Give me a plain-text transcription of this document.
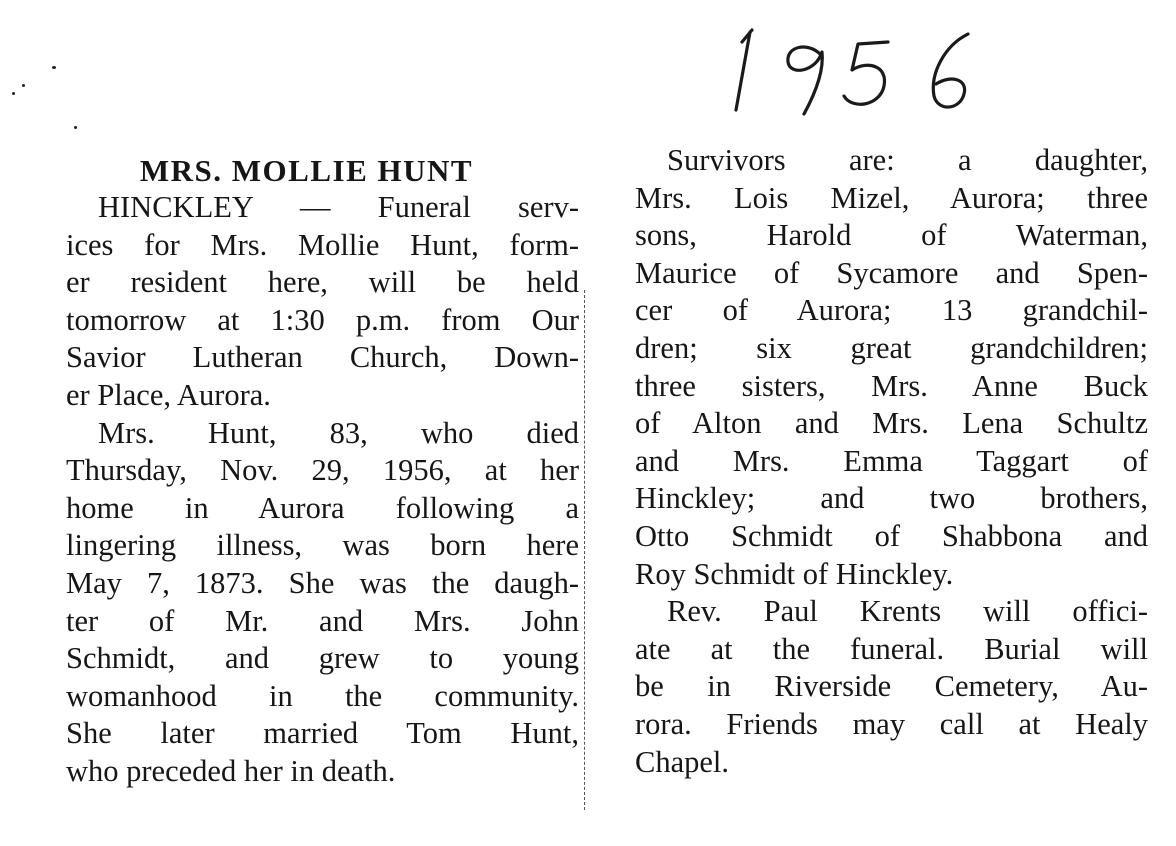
MRS. MOLLIE HUNT
HINCKLEY — Funeral serv-
ices for Mrs. Mollie Hunt, form-
er resident here, will be held
tomorrow at 1:30 p.m. from Our
Savior Lutheran Church, Down-
er Place, Aurora.
Mrs. Hunt, 83, who died
Thursday, Nov. 29, 1956, at her
home in Aurora following a
lingering illness, was born here
May 7, 1873. She was the daugh-
ter of Mr. and Mrs. John
Schmidt, and grew to young
womanhood in the community.
She later married Tom Hunt,
who preceded her in death.
Survivors are: a daughter,
Mrs. Lois Mizel, Aurora; three
sons, Harold of Waterman,
Maurice of Sycamore and Spen-
cer of Aurora; 13 grandchil-
dren; six great grandchildren;
three sisters, Mrs. Anne Buck
of Alton and Mrs. Lena Schultz
and Mrs. Emma Taggart of
Hinckley; and two brothers,
Otto Schmidt of Shabbona and
Roy Schmidt of Hinckley.
Rev. Paul Krents will offici-
ate at the funeral. Burial will
be in Riverside Cemetery, Au-
rora. Friends may call at Healy
Chapel.
